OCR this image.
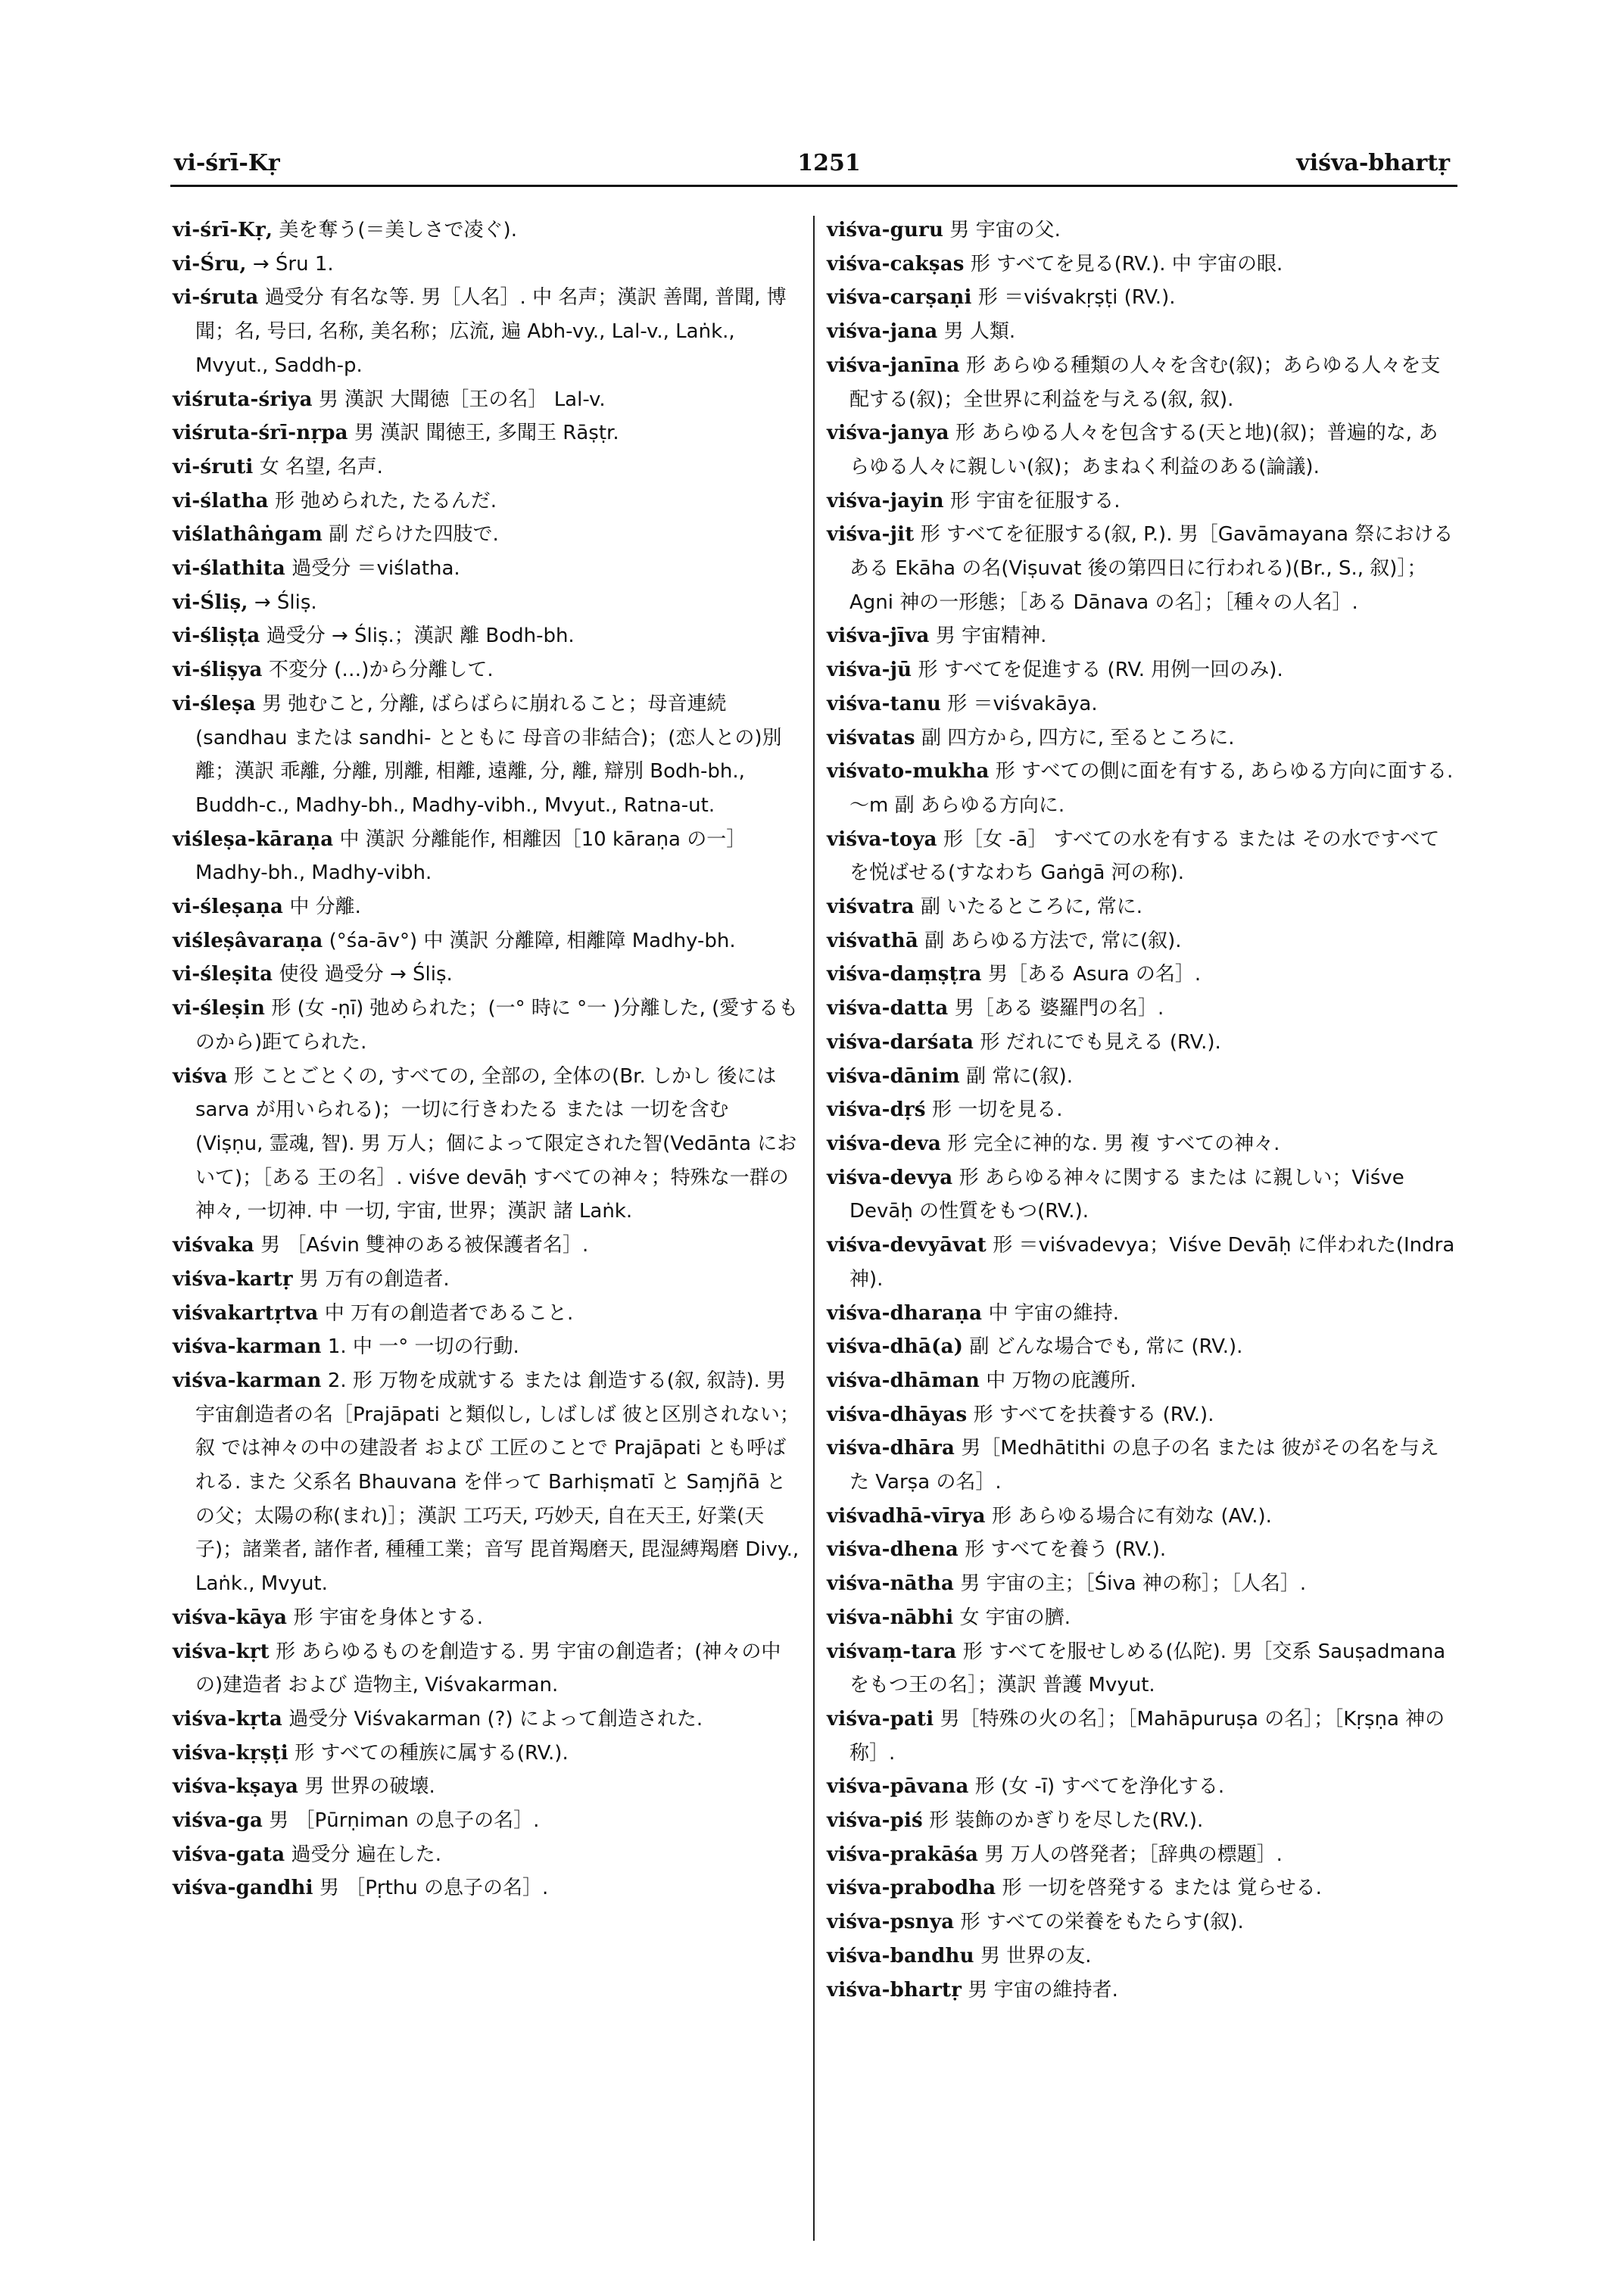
vi-śrī-Kṛ	1251	viśva-bhartṛ
vi-śrī-Kṛ, 美を奪う(＝美しさで凌ぐ).
vi-Śru, → Śru 1.
vi-śruta 過受分 有名な等. 男［人名］. 中 名声；漢訳 善聞, 普聞, 博聞；名, 号曰, 名称, 美名称；広流, 遍 Abh-vy., Lal-v., Laṅk., Mvyut., Saddh-p.
viśruta-śriya 男 漢訳 大聞徳［王の名］ Lal-v.
viśruta-śrī-nṛpa 男 漢訳 聞徳王, 多聞王 Rāṣṭr.
vi-śruti 女 名望, 名声.
vi-ślatha 形 弛められた, たるんだ.
viślathâṅgam 副 だらけた四肢で.
vi-ślathita 過受分 ＝viślatha.
vi-Śliṣ, → Śliṣ.
vi-śliṣṭa 過受分 → Śliṣ.；漢訳 離 Bodh-bh.
vi-śliṣya 不変分 (…)から分離して.
vi-śleṣa 男 弛むこと, 分離, ばらばらに崩れること；母音連続 (sandhau または sandhi- とともに 母音の非結合)；(恋人との)別離；漢訳 乖離, 分離, 別離, 相離, 遠離, 分, 離, 辯別 Bodh-bh., Buddh-c., Madhy-bh., Madhy-vibh., Mvyut., Ratna-ut.
viśleṣa-kāraṇa 中 漢訳 分離能作, 相離因［10 kāraṇa の一］ Madhy-bh., Madhy-vibh.
vi-śleṣaṇa 中 分離.
viśleṣâvaraṇa (°śa-āv°) 中 漢訳 分離障, 相離障 Madhy-bh.
vi-śleṣita 使役 過受分 → Śliṣ.
vi-śleṣin 形 (女 -ṇī) 弛められた；(一° 時に °一 )分離した, (愛するものから)距てられた.
viśva 形 ことごとくの, すべての, 全部の, 全体の(Br. しかし 後にはsarva が用いられる)；一切に行きわたる または 一切を含む (Viṣṇu, 霊魂, 智). 男 万人；個によって限定された智(Vedānta において)；［ある 王の名］. viśve devāḥ すべての神々；特殊な一群の神々, 一切神. 中 一切, 宇宙, 世界；漢訳 諸 Laṅk.
viśvaka 男 ［Aśvin 雙神のある被保護者名］.
viśva-kartṛ 男 万有の創造者.
viśvakartṛtva 中 万有の創造者であること.
viśva-karman 1. 中 一° 一切の行動.
viśva-karman 2. 形 万物を成就する または 創造する(叙, 叙詩). 男 宇宙創造者の名［Prajāpati と類似し, しばしば 彼と区別されない；叙 では神々の中の建設者 および 工匠のことで Prajāpati とも呼ばれる. また 父系名 Bhauvana を伴って Barhiṣmatī と Saṃjñā との父；太陽の称(まれ)］；漢訳 工巧天, 巧妙天, 自在天王, 好業(天子)；諸業者, 諸作者, 種種工業；音写 毘首羯磨天, 毘湿縛羯磨 Divy., Laṅk., Mvyut.
viśva-kāya 形 宇宙を身体とする.
viśva-kṛt 形 あらゆるものを創造する. 男 宇宙の創造者；(神々の中の)建造者 および 造物主, Viśvakarman.
viśva-kṛta 過受分 Viśvakarman (?) によって創造された.
viśva-kṛṣṭi 形 すべての種族に属する(RV.).
viśva-kṣaya 男 世界の破壊.
viśva-ga 男 ［Pūrṇiman の息子の名］.
viśva-gata 過受分 遍在した.
viśva-gandhi 男 ［Pṛthu の息子の名］.
viśva-guru 男 宇宙の父.
viśva-cakṣas 形 すべてを見る(RV.). 中 宇宙の眼.
viśva-carṣaṇi 形 ＝viśvakṛṣṭi (RV.).
viśva-jana 男 人類.
viśva-janīna 形 あらゆる種類の人々を含む(叙)；あらゆる人々を支配する(叙)；全世界に利益を与える(叙, 叙).
viśva-janya 形 あらゆる人々を包含する(天と地)(叙)；普遍的な, あらゆる人々に親しい(叙)；あまねく利益のある(論議).
viśva-jayin 形 宇宙を征服する.
viśva-jit 形 すべてを征服する(叙, P.). 男［Gavāmayana 祭における ある Ekāha の名(Viṣuvat 後の第四日に行われる)(Br., S., 叙)］；Agni 神の一形態；［ある Dānava の名］；［種々の人名］.
viśva-jīva 男 宇宙精神.
viśva-jū 形 すべてを促進する (RV. 用例一回のみ).
viśva-tanu 形 ＝viśvakāya.
viśvatas 副 四方から, 四方に, 至るところに.
viśvato-mukha 形 すべての側に面を有する, あらゆる方向に面する. ～m 副 あらゆる方向に.
viśva-toya 形［女 -ā］ すべての水を有する または その水ですべてを悦ばせる(すなわち Gaṅgā 河の称).
viśvatra 副 いたるところに, 常に.
viśvathā 副 あらゆる方法で, 常に(叙).
viśva-daṃṣṭra 男［ある Asura の名］.
viśva-datta 男［ある 婆羅門の名］.
viśva-darśata 形 だれにでも見える (RV.).
viśva-dānim 副 常に(叙).
viśva-dṛś 形 一切を見る.
viśva-deva 形 完全に神的な. 男 複 すべての神々.
viśva-devya 形 あらゆる神々に関する または に親しい；Viśve Devāḥ の性質をもつ(RV.).
viśva-devyāvat 形 ＝viśvadevya；Viśve Devāḥ に伴われた(Indra 神).
viśva-dharaṇa 中 宇宙の維持.
viśva-dhā(a) 副 どんな場合でも, 常に (RV.).
viśva-dhāman 中 万物の庇護所.
viśva-dhāyas 形 すべてを扶養する (RV.).
viśva-dhāra 男［Medhātithi の息子の名 または 彼がその名を与えた Varṣa の名］.
viśvadhā-vīrya 形 あらゆる場合に有効な (AV.).
viśva-dhena 形 すべてを養う (RV.).
viśva-nātha 男 宇宙の主；［Śiva 神の称］；［人名］.
viśva-nābhi 女 宇宙の臍.
viśvaṃ-tara 形 すべてを服せしめる(仏陀). 男［交系 Sauṣadmana をもつ王の名］；漢訳 普護 Mvyut.
viśva-pati 男［特殊の火の名］；［Mahāpuruṣa の名］；［Kṛṣṇa 神の称］.
viśva-pāvana 形 (女 -ī) すべてを浄化する.
viśva-piś 形 装飾のかぎりを尽した(RV.).
viśva-prakāśa 男 万人の啓発者；［辞典の標題］.
viśva-prabodha 形 一切を啓発する または 覚らせる.
viśva-psnya 形 すべての栄養をもたらす(叙).
viśva-bandhu 男 世界の友.
viśva-bhartṛ 男 宇宙の維持者.
